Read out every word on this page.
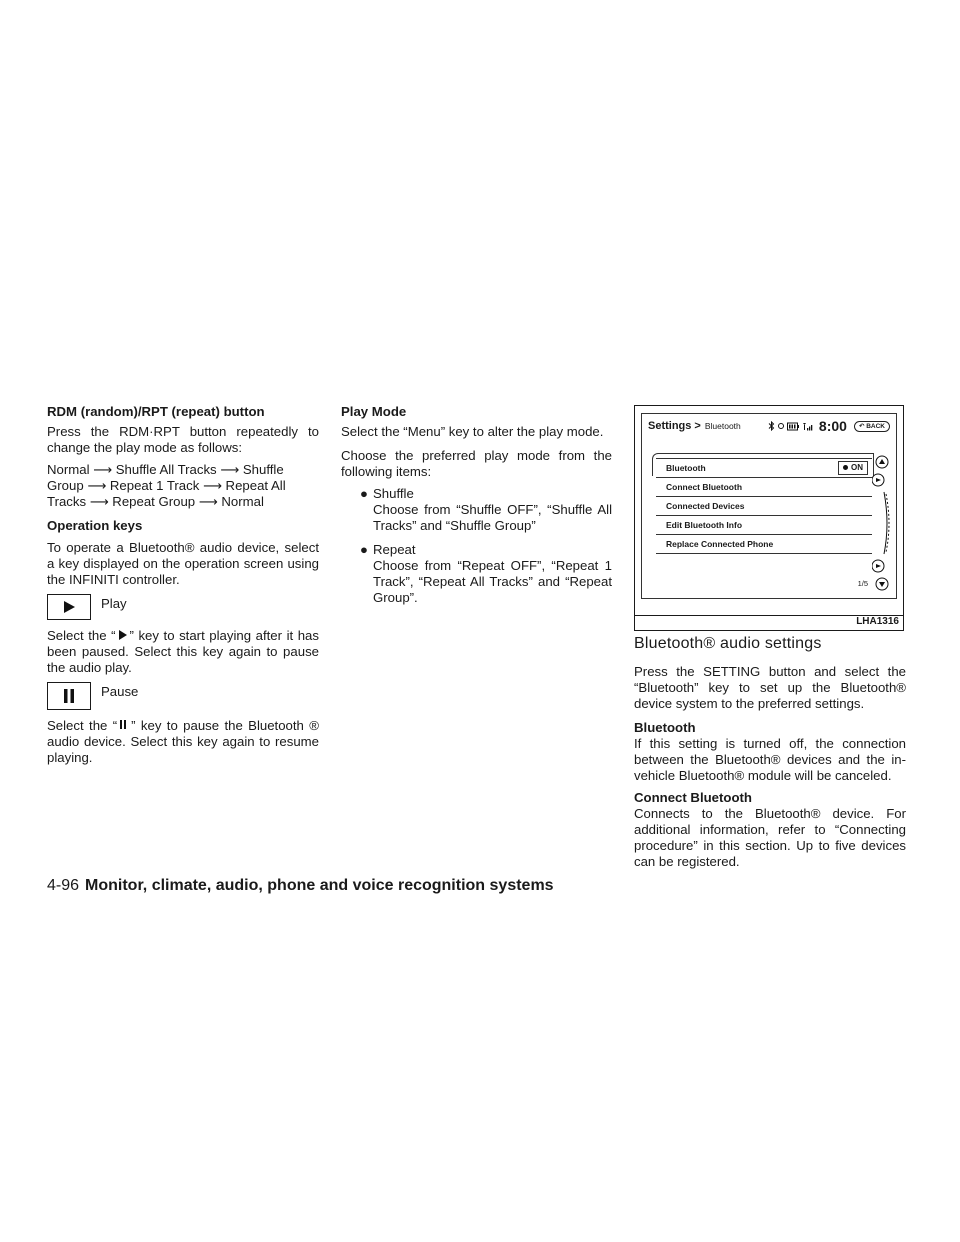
RDM (random)/RPT (repeat) button

Press the RDM·RPT button repeatedly to change the play mode as follows:

Normal ⟶ Shuffle All Tracks ⟶ Shuffle Group ⟶ Repeat 1 Track ⟶ Repeat All Tracks ⟶ Repeat Group ⟶ Normal

Operation keys

To operate a Bluetooth® audio device, select a key displayed on the operation screen using the INFINITI controller.

Play

Select the “ ” key to start playing after it has been paused. Select this key again to pause the audio play.

Pause

Select the “ ” key to pause the Bluetooth ® audio device. Select this key again to resume playing.

Play Mode

Select the “Menu” key to alter the play mode.

Choose the preferred play mode from the following items:

● Shuffle
Choose from “Shuffle OFF”, “Shuffle All Tracks” and “Shuffle Group”
● Repeat
Choose from “Repeat OFF”, “Repeat 1 Track”, “Repeat All Tracks” and “Repeat Group”.
Settings > Bluetooth	8:00	↶ BACK
Bluetooth	ON
Connect Bluetooth
Connected Devices
Edit Bluetooth Info
Replace Connected Phone
1/5
LHA1316

Bluetooth® audio settings

Press the SETTING button and select the “Bluetooth” key to set up the Bluetooth® device system to the preferred settings.

Bluetooth

If this setting is turned off, the connection between the Bluetooth® devices and the in-vehicle Bluetooth® module will be canceled.

Connect Bluetooth

Connects to the Bluetooth® device. For additional information, refer to “Connecting procedure” in this section. Up to five devices can be registered.

4-96 Monitor, climate, audio, phone and voice recognition systems
